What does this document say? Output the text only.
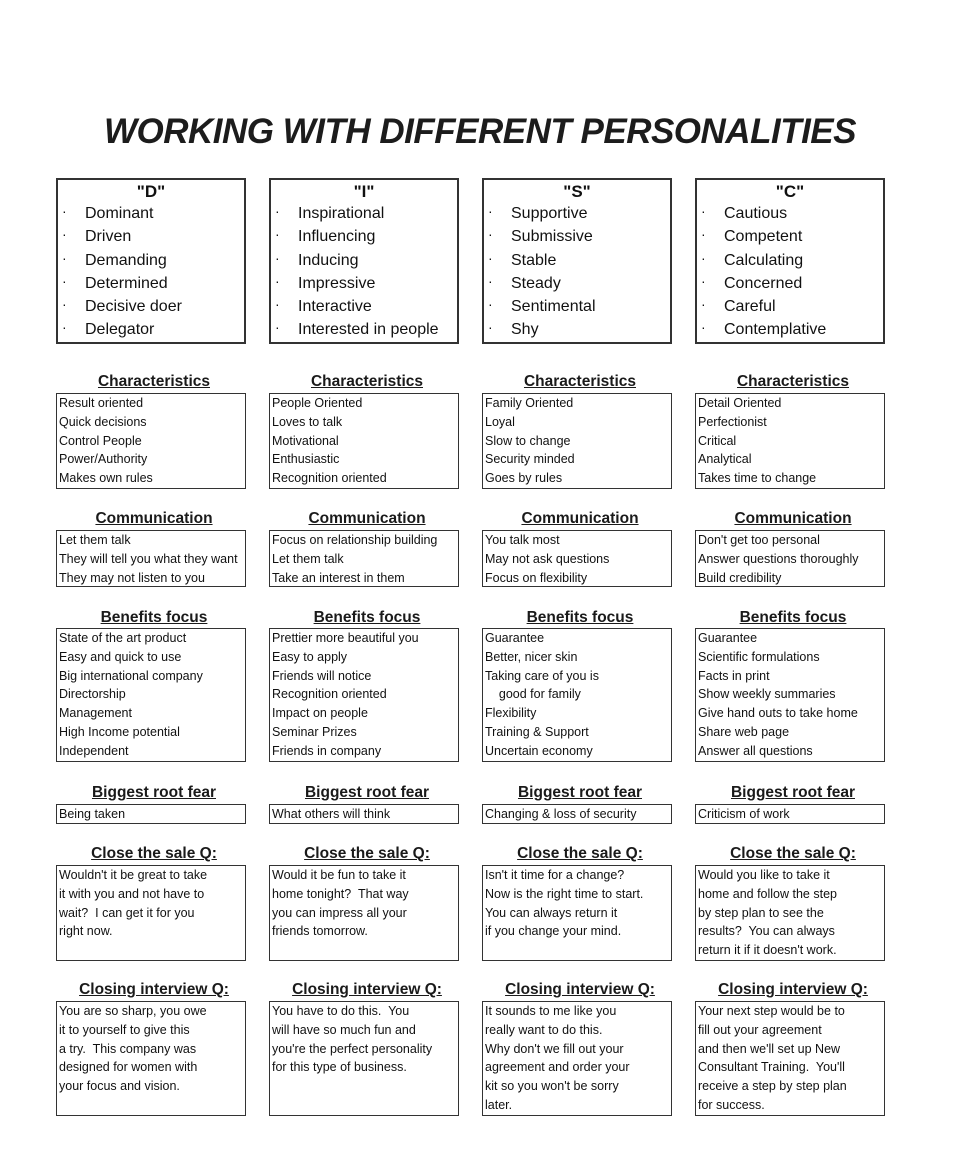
WORKING WITH DIFFERENT PERSONALITIES
"D"
· Dominant
· Driven
· Demanding
· Determined
· Decisive doer
· Delegator
Characteristics
Result oriented
Quick decisions
Control People
Power/Authority
Makes own rules
Communication
Let them talk
They will tell you what they want
They may not listen to you
Benefits focus
State of the art product
Easy and quick to use
Big international company
Directorship
Management
High Income potential
Independent
Biggest root fear
Being taken
Close the sale Q:
Wouldn't it be great to take
it with you and not have to
wait?  I can get it for you
right now.
Closing interview Q:
You are so sharp, you owe
it to yourself to give this
a try.  This company was
designed for women with
your focus and vision.
"I"
· Inspirational
· Influencing
· Inducing
· Impressive
· Interactive
· Interested in people
Characteristics
People Oriented
Loves to talk
Motivational
Enthusiastic
Recognition oriented
Communication
Focus on relationship building
Let them talk
Take an interest in them
Benefits focus
Prettier more beautiful you
Easy to apply
Friends will notice
Recognition oriented
Impact on people
Seminar Prizes
Friends in company
Biggest root fear
What others will think
Close the sale Q:
Would it be fun to take it
home tonight?  That way
you can impress all your
friends tomorrow.
Closing interview Q:
You have to do this.  You
will have so much fun and
you're the perfect personality
for this type of business.
"S"
· Supportive
· Submissive
· Stable
· Steady
· Sentimental
· Shy
Characteristics
Family Oriented
Loyal
Slow to change
Security minded
Goes by rules
Communication
You talk most
May not ask questions
Focus on flexibility
Benefits focus
Guarantee
Better, nicer skin
Taking care of you is
good for family
Flexibility
Training & Support
Uncertain economy
Biggest root fear
Changing & loss of security
Close the sale Q:
Isn't it time for a change?
Now is the right time to start.
You can always return it
if you change your mind.
Closing interview Q:
It sounds to me like you
really want to do this.
Why don't we fill out your
agreement and order your
kit so you won't be sorry
later.
"C"
· Cautious
· Competent
· Calculating
· Concerned
· Careful
· Contemplative
Characteristics
Detail Oriented
Perfectionist
Critical
Analytical
Takes time to change
Communication
Don't get too personal
Answer questions thoroughly
Build credibility
Benefits focus
Guarantee
Scientific formulations
Facts in print
Show weekly summaries
Give hand outs to take home
Share web page
Answer all questions
Biggest root fear
Criticism of work
Close the sale Q:
Would you like to take it
home and follow the step
by step plan to see the
results?  You can always
return it if it doesn't work.
Closing interview Q:
Your next step would be to
fill out your agreement
and then we'll set up New
Consultant Training.  You'll
receive a step by step plan
for success.
